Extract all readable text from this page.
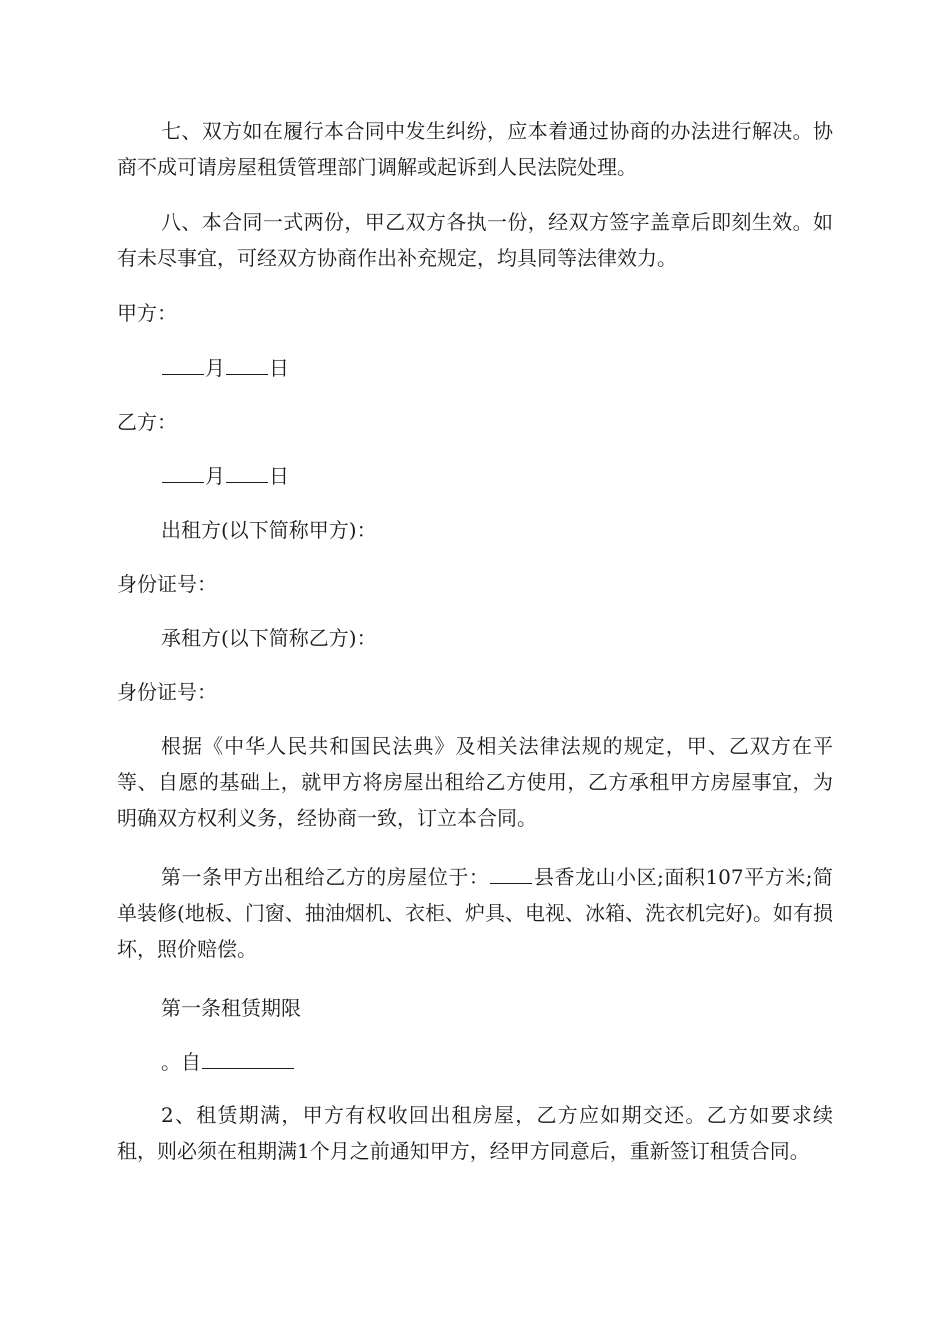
七、双方如在履行本合同中发生纠纷，应本着通过协商的办法进行解决。协商不成可请房屋租赁管理部门调解或起诉到人民法院处理。

八、本合同一式两份，甲乙双方各执一份，经双方签字盖章后即刻生效。如有未尽事宜，可经双方协商作出补充规定，均具同等法律效力。

甲方：

月 日

乙方：

月 日

出租方(以下简称甲方)：

身份证号：

承租方(以下简称乙方)：

身份证号：

根据《中华人民共和国民法典》及相关法律法规的规定，甲、乙双方在平等、自愿的基础上，就甲方将房屋出租给乙方使用，乙方承租甲方房屋事宜，为明确双方权利义务，经协商一致，订立本合同。

第一条甲方出租给乙方的房屋位于： 县香龙山小区;面积107平方米;简单装修(地板、门窗、抽油烟机、衣柜、炉具、电视、冰箱、洗衣机完好)。如有损坏，照价赔偿。

第一条租赁期限

。自

2、租赁期满，甲方有权收回出租房屋，乙方应如期交还。乙方如要求续租，则必须在租期满1个月之前通知甲方，经甲方同意后，重新签订租赁合同。
